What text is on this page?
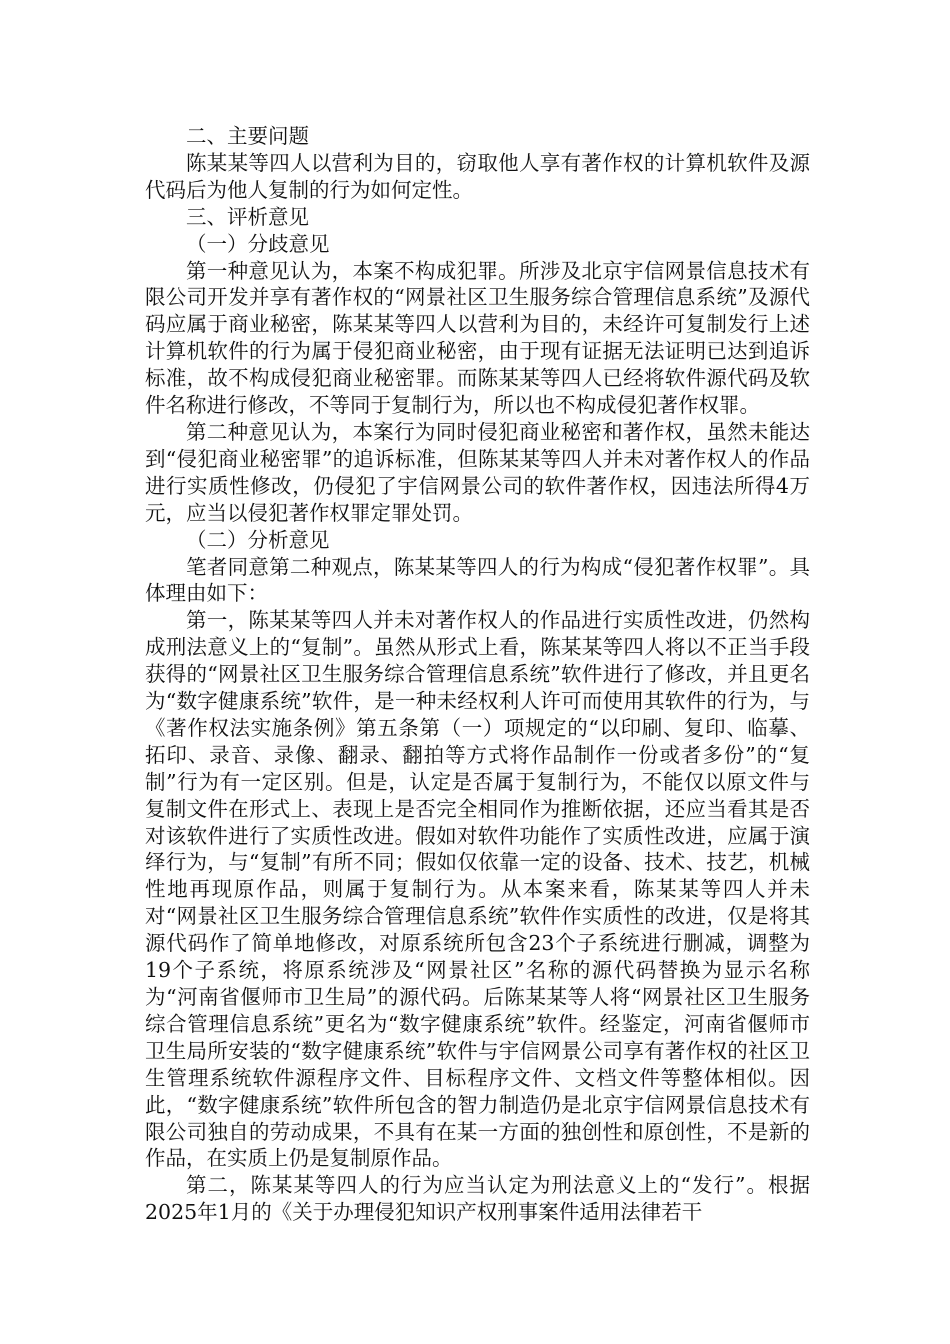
二、主要问题

陈某某等四人以营利为目的，窃取他人享有著作权的计算机软件及源代码后为他人复制的行为如何定性。

三、评析意见

（一）分歧意见

第一种意见认为，本案不构成犯罪。所涉及北京宇信网景信息技术有限公司开发并享有著作权的“网景社区卫生服务综合管理信息系统”及源代码应属于商业秘密，陈某某等四人以营利为目的，未经许可复制发行上述计算机软件的行为属于侵犯商业秘密，由于现有证据无法证明已达到追诉标准，故不构成侵犯商业秘密罪。而陈某某等四人已经将软件源代码及软件名称进行修改，不等同于复制行为，所以也不构成侵犯著作权罪。

第二种意见认为，本案行为同时侵犯商业秘密和著作权，虽然未能达到“侵犯商业秘密罪”的追诉标准，但陈某某等四人并未对著作权人的作品进行实质性修改，仍侵犯了宇信网景公司的软件著作权，因违法所得4万元，应当以侵犯著作权罪定罪处罚。

（二）分析意见

笔者同意第二种观点，陈某某等四人的行为构成“侵犯著作权罪”。具体理由如下：

第一，陈某某等四人并未对著作权人的作品进行实质性改进，仍然构成刑法意义上的“复制”。虽然从形式上看，陈某某等四人将以不正当手段获得的“网景社区卫生服务综合管理信息系统”软件进行了修改，并且更名为“数字健康系统”软件，是一种未经权利人许可而使用其软件的行为，与《著作权法实施条例》第五条第（一）项规定的“以印刷、复印、临摹、拓印、录音、录像、翻录、翻拍等方式将作品制作一份或者多份”的“复制”行为有一定区别。但是，认定是否属于复制行为，不能仅以原文件与复制文件在形式上、表现上是否完全相同作为推断依据，还应当看其是否对该软件进行了实质性改进。假如对软件功能作了实质性改进，应属于演绎行为，与“复制”有所不同；假如仅依靠一定的设备、技术、技艺，机械性地再现原作品，则属于复制行为。从本案来看，陈某某等四人并未对“网景社区卫生服务综合管理信息系统”软件作实质性的改进，仅是将其源代码作了简单地修改，对原系统所包含23个子系统进行删减，调整为19个子系统，将原系统涉及“网景社区”名称的源代码替换为显示名称为“河南省偃师市卫生局”的源代码。后陈某某等人将“网景社区卫生服务综合管理信息系统”更名为“数字健康系统”软件。经鉴定，河南省偃师市卫生局所安装的“数字健康系统”软件与宇信网景公司享有著作权的社区卫生管理系统软件源程序文件、目标程序文件、文档文件等整体相似。因此，“数字健康系统”软件所包含的智力制造仍是北京宇信网景信息技术有限公司独自的劳动成果，不具有在某一方面的独创性和原创性，不是新的作品，在实质上仍是复制原作品。

第二，陈某某等四人的行为应当认定为刑法意义上的“发行”。根据2025年1月的《关于办理侵犯知识产权刑事案件适用法律若干
